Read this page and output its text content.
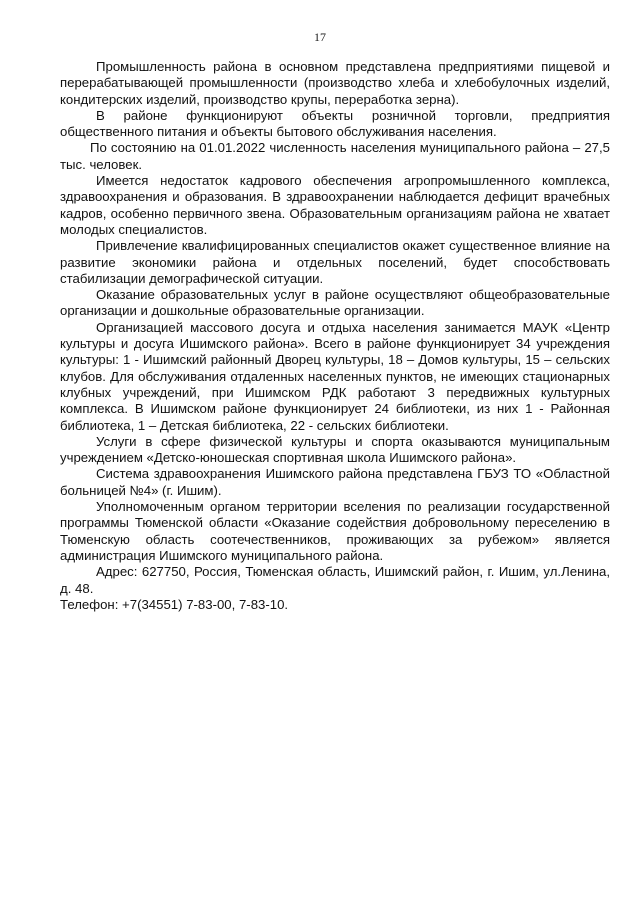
17

Промышленность района в основном представлена предприятиями пищевой и перерабатывающей промышленности (производство хлеба и хлебобулочных изделий, кондитерских изделий, производство крупы, переработка зерна).

В районе функционируют объекты розничной торговли, предприятия общественного питания и объекты бытового обслуживания населения.

По состоянию на 01.01.2022 численность населения муниципального района – 27,5 тыс. человек.

Имеется недостаток кадрового обеспечения агропромышленного комплекса, здравоохранения и образования. В здравоохранении наблюдается дефицит врачебных кадров, особенно первичного звена. Образовательным организациям района не хватает молодых специалистов.

Привлечение квалифицированных специалистов окажет существенное влияние на развитие экономики района и отдельных поселений, будет способствовать стабилизации демографической ситуации.

Оказание образовательных услуг в районе осуществляют общеобразовательные организации и дошкольные образовательные организации.

Организацией массового досуга и отдыха населения занимается МАУК «Центр культуры и досуга Ишимского района». Всего в районе функционирует 34 учреждения культуры: 1 - Ишимский районный Дворец культуры, 18 – Домов культуры, 15 – сельских клубов. Для обслуживания отдаленных населенных пунктов, не имеющих стационарных клубных учреждений, при Ишимском РДК работают 3 передвижных культурных комплекса. В Ишимском районе функционирует 24 библиотеки, из них 1 - Районная библиотека, 1 – Детская библиотека, 22 - сельских библиотеки.

Услуги в сфере физической культуры и спорта оказываются муниципальным учреждением «Детско-юношеская спортивная школа Ишимского района».

Система здравоохранения Ишимского района представлена ГБУЗ ТО «Областной больницей №4» (г. Ишим).

Уполномоченным органом территории вселения по реализации государственной программы Тюменской области «Оказание содействия добровольному переселению в Тюменскую область соотечественников, проживающих за рубежом» является администрация Ишимского муниципального района.

Адрес: 627750, Россия, Тюменская область, Ишимский район, г. Ишим, ул.Ленина, д. 48.

Телефон: +7(34551) 7-83-00, 7-83-10.
